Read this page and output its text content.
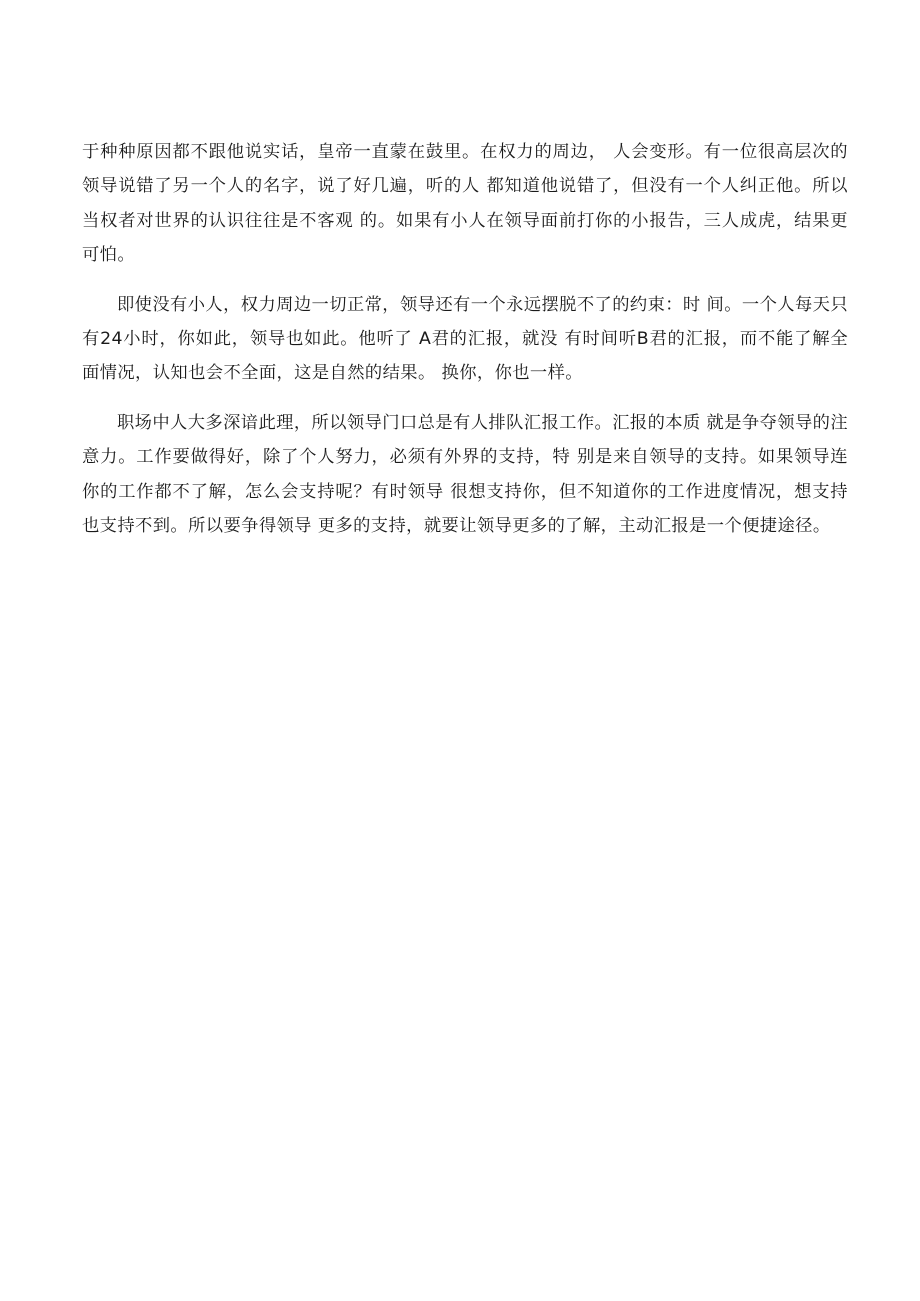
于种种原因都不跟他说实话，皇帝一直蒙在鼓里。在权力的周边， 人会变形。有一位很高层次的领导说错了另一个人的名字，说了好几遍，听的人 都知道他说错了，但没有一个人纠正他。所以当权者对世界的认识往往是不客观 的。如果有小人在领导面前打你的小报告，三人成虎，结果更可怕。

即使没有小人，权力周边一切正常，领导还有一个永远摆脱不了的约束：时 间。一个人每天只有24小时，你如此，领导也如此。他听了 A君的汇报，就没 有时间听B君的汇报，而不能了解全面情况，认知也会不全面，这是自然的结果。 换你，你也一样。

职场中人大多深谙此理，所以领导门口总是有人排队汇报工作。汇报的本质 就是争夺领导的注意力。工作要做得好，除了个人努力，必须有外界的支持，特 别是来自领导的支持。如果领导连你的工作都不了解，怎么会支持呢？有时领导 很想支持你，但不知道你的工作进度情况，想支持也支持不到。所以要争得领导 更多的支持，就要让领导更多的了解，主动汇报是一个便捷途径。
